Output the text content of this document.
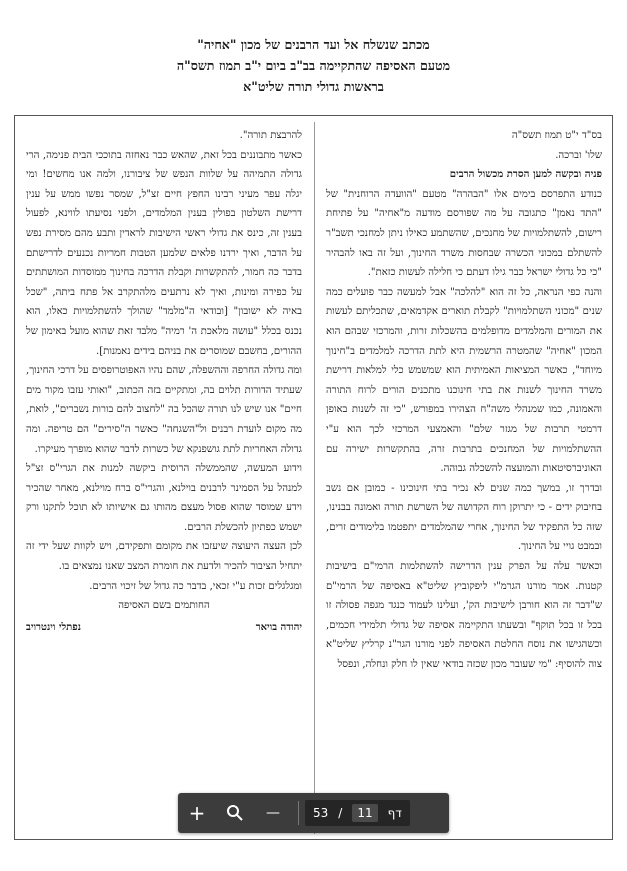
מכתב שנשלח אל ועד הרבנים של מכון "אחיה"
מטעם האסיפה שהתקיימה בב"ב ביום י"ב תמוז תשס"ה
בראשות גדולי תורה שליט"א

בס"ד י"ט תמוז תשס"ה

שלו' וברכה.

פניה ובקשה למען הסרת מכשול הרבים

כנודע התפרסם בימים אלו "הבהרה" מטעם "הוועדה הרוחנית" של "התד נאמן" כתגובה על מה שפורסם מודעה מ"אחיה" על פתיחת רישום, להשתלמויות של מחנכים, שהשתמע כאילו ניתן למחנכי תשב"ר להשתלם במכוני הכשרה שבחסות משרד החינוך, ועל זה באו להבהיר "כי כל גדולי ישראל כבר גילו דעתם כי חלילה לעשות כזאת".

והנה כפי הנראה, כל זה הוא "להלכה" אבל למעשה כבר פועלים כמה שנים "מכוני השתלמויות" לקבלת תוארים אקדמאים, שתכליתם לעשות את המורים והמלמדים מדופלמים בהשכלות זרות, והמרכזי שבהם הוא המכון "אחיה" שהמטרה הרשמית היא לתת הדרכה למלמדים ב"חינוך מיוחד", כאשר המציאות האמיתית הוא שמשמש כלי למלאות דרישת משרד החינוך לשנות את בתי חינוכנו מתכנים הורים לרוח התורה והאמונה, כמו שמנהלי משה"ח הצהירו במפורש, "כי זה לשנות באופן דרמטי תרבות של מגזר שלם" והאמצעי המרכזי לכך הוא ע"י ההשתלמויות של המחנכים בתרבות זרה, בהתקשרות ישירה עם האוניברסיטאות והמועצה להשכלה גבוהה.

ובדרך זו, במשך כמה שנים לא נכיר בתי חינוכינו - כמובן אם נשב בחיבוק ידים - כי יתרוקן רוח הקדושה של השרשת תורה ואמונה בבנינו, שזה כל התפקיד של החינוך, אחרי שהמלמדים יתפטמו בלימודים זרים, ובמבט גויי על החינוך.

וכאשר עלה על הפרק ענין הדרישה להשתלמות הרמי"ם בישיבות קטנות. אמר מורנו הגרמ"י ליפקוביץ שליט"א באסיפה של הרמי"ם ש"דבר זה הוא חורבן לישיבות הק', ועלינו לעמוד כנגד מגפה פסולה זו בכל זו בכל תוקף" ובשעתו התקיימה אסיפה של גדולי תלמידי חכמים, וכשהגישו את נוסח החלטת האסיפה לפני מורנו הגר"נ קרליץ שליט"א צוה להוסיף: "מי שעובר מכון שכזה בודאי שאין לו חלק ונחלה, ונפסל

להרבצת תורה".

כאשר מתבוננים בכל זאת, שהאש כבר נאחזה בתוככי הבית פנימה, הרי גדולה התמיהה על שלוות הנפש של ציבורנו, ולמה אנו מחשים! ומי יגלה עפר מעיני רבינו החפץ חיים זצ"ל, שמסר נפשו ממש על ענין דרישת השלטון בפולין בענין המלמדים, ולפני נסיעתו לווינא, לפעול בענין זה, כינס את גדולי ראשי הישיבות לראדין ותבע מהם מסירת נפש על הדבר, ואיך ירדנו פלאים שלמען הטבות חמריות נכנעים לדרישתם בדבר כה חמור, להתקשרות וקבלת הדרכה בחינוך ממוסדות המושתתים על כפירה ומינות, ואיך לא נרתעים מלהתקרב אל פתח ביתה, "שכל באיה לא ישובון" [ובודאי ה"מלמד" שהולך להשתלמויות כאלו, הוא נכנס בכלל "עושה מלאכת ה' רמיה" מלבד זאת שהוא מועל באימון של ההורים, בחשבם שמוסרים את בניהם בידים נאמנות].

ומה גדולה החרפה וההשפלה, שהם נהיו האפוטרופסים על דרכי החינוך, שעתיד הדורות תלוים בה, ומתקיים בזה הכתוב, "ואותי עזבו מקור מים חיים" אנו שיש לנו תורה שהכל בה "לחצוב להם בורות נשברים", לואת, מה מקום לועדת רבנים ול"השגחה" כאשר ה"סירים" הם טריפה. ומה גדולה האחריות לתת גושפנקא של כשרות לדבר שהוא מופרך מעיקרו.

וידוע המעשה, שהממשלה הרוסית ביקשה למנות את הגרי"ס זצ"ל למנהל על הסמינר לרבנים בוילנא, והגרי"ס ברח מוילנא, מאחר שהכיר וידע שמוסד שהוא פסול מעצם מהותו גם אישיותו לא תוכל לתקנו ורק ישמש כפתיון להכשלת הרבים.

לכן העצה היעוצה שיעזבו את מקומם ותפקידם, ויש לקוות שעל ידי זה יתחיל הציבור להכיר ולדעת את חומרת המצב שאנו נמצאים בו.

ומגלגלים זכות ע"י זכאי, בדבר כה גדול של זיכוי הרבים.

החותמים בשם האסיפה
יהודה בויאר
נפתלי וינטרויב
+	—	53 /	11	דף
